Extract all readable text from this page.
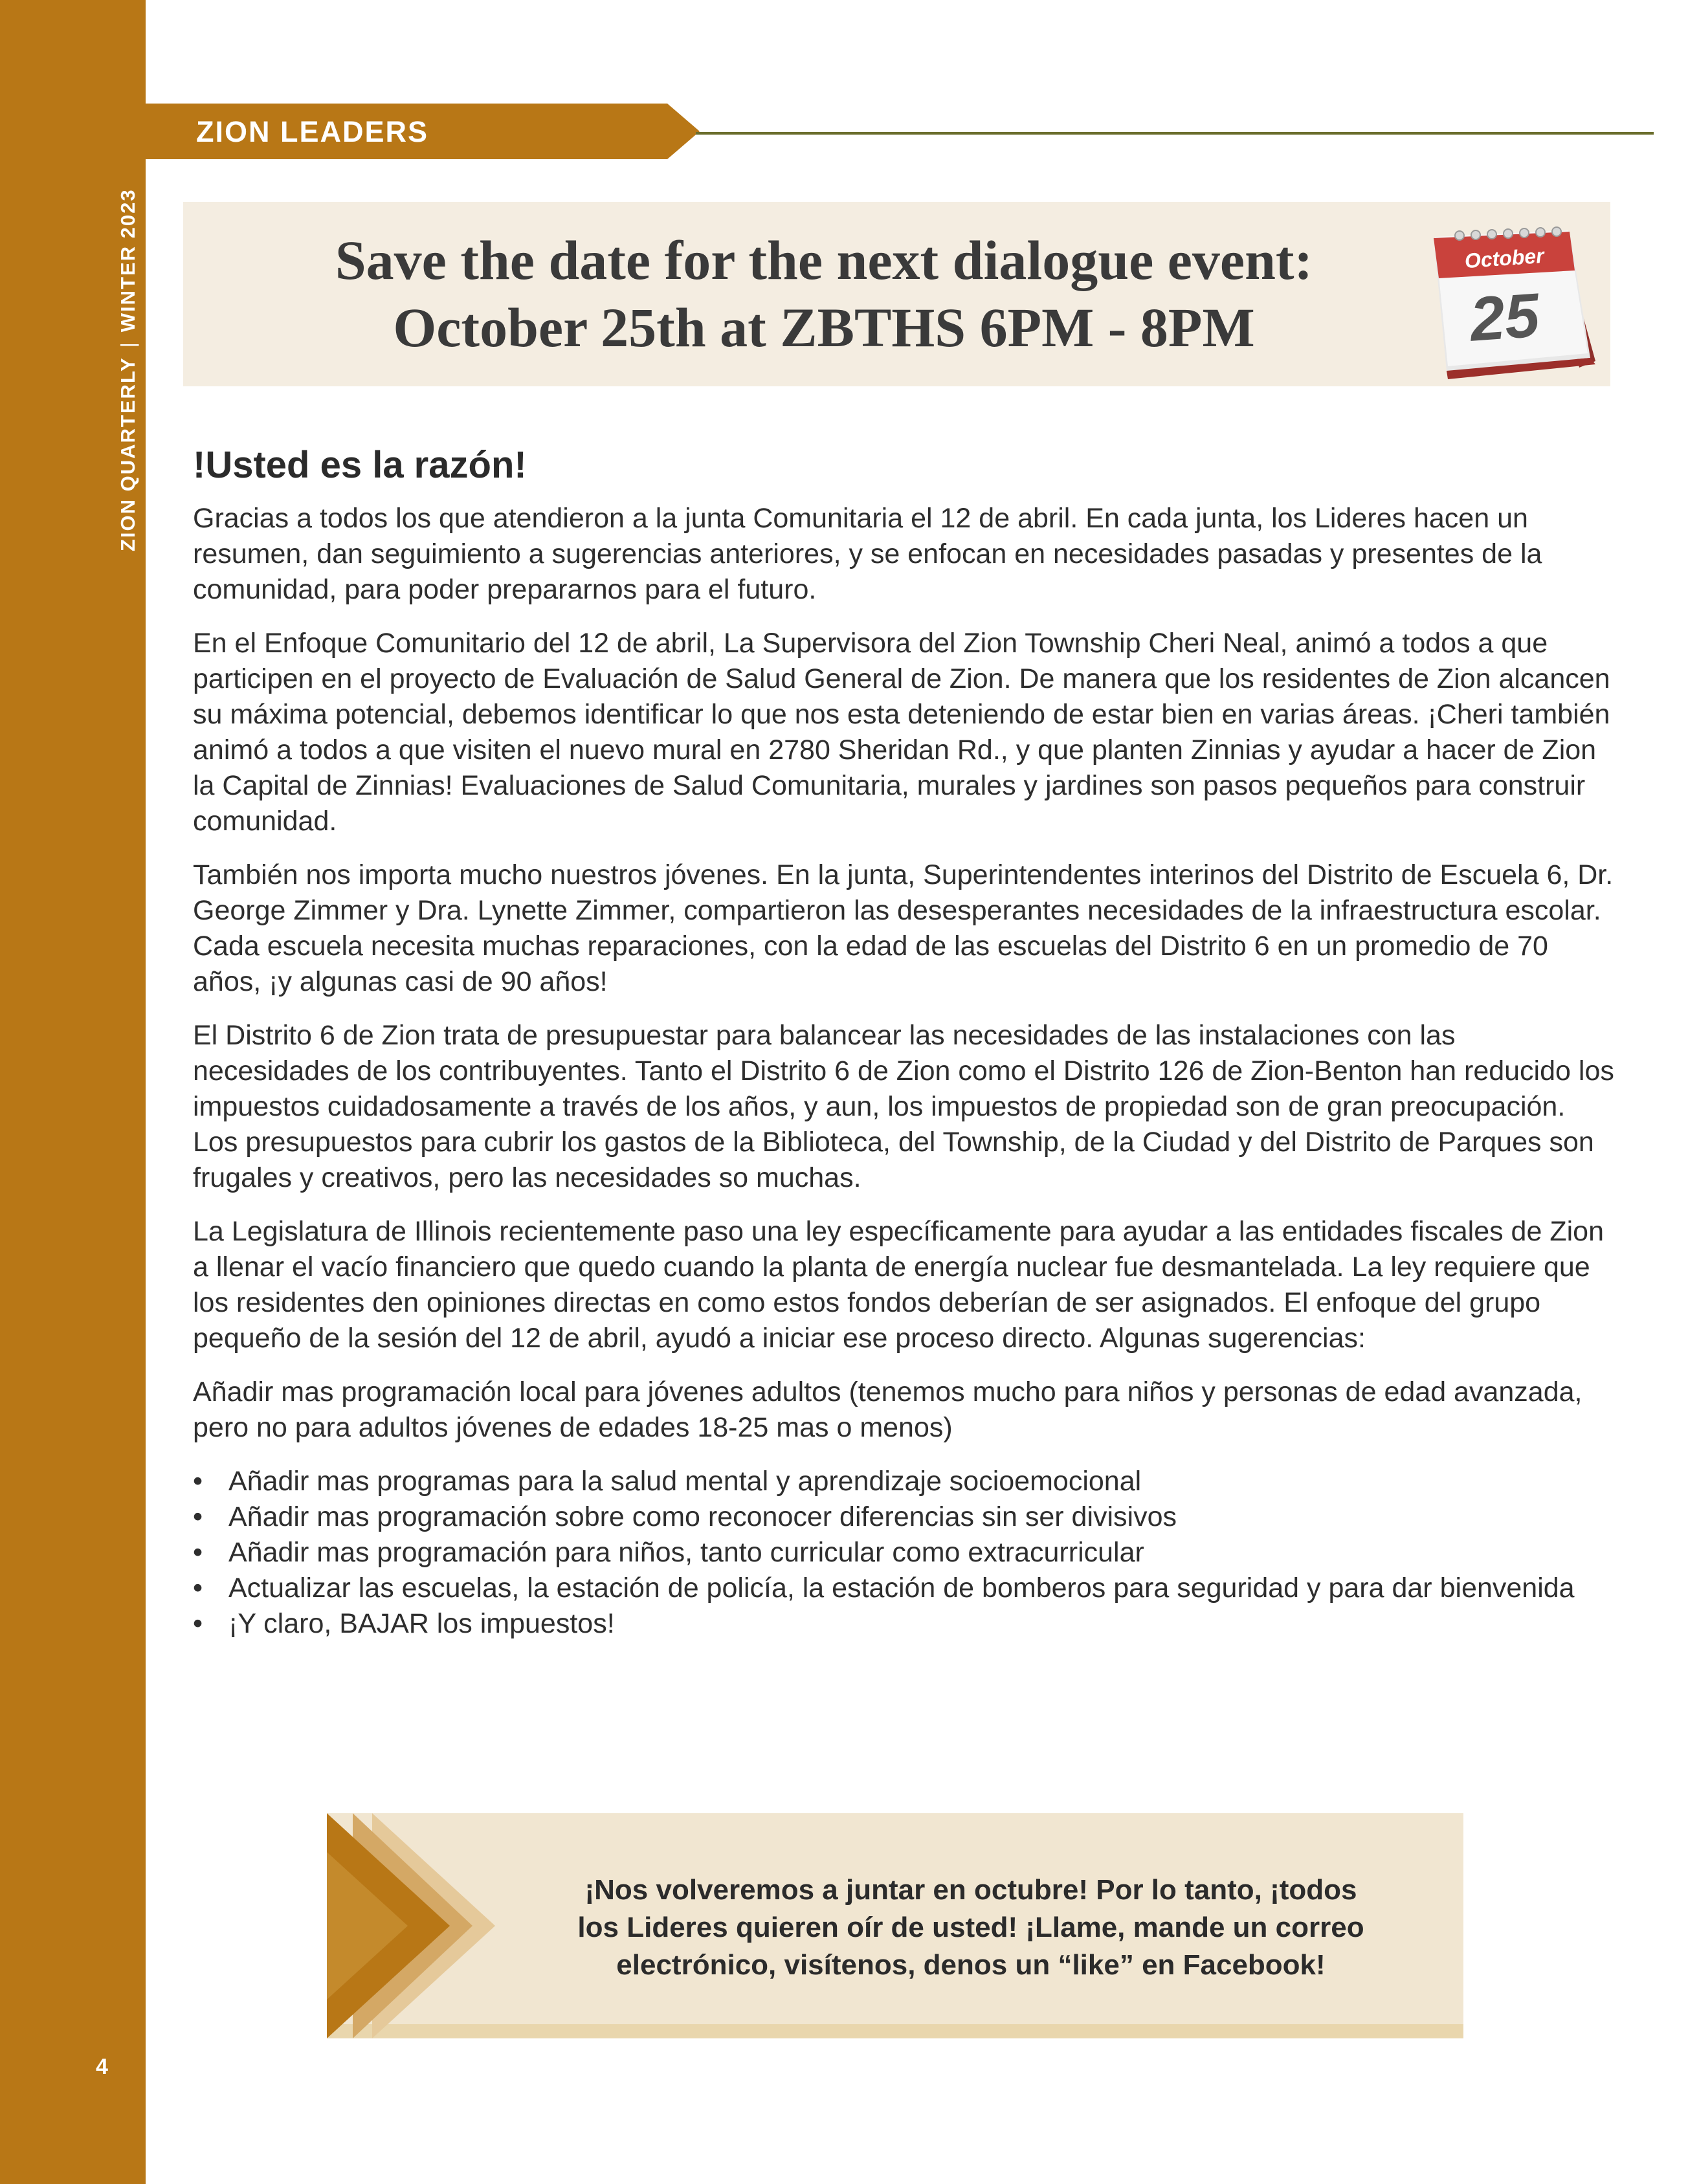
ZION QUARTERLY|WINTER 2023
4
ZION LEADERS
Save the date for the next dialogue event:
October 25th at ZBTHS 6PM - 8PM
October
25
!Usted es la razón!

Gracias a todos los que atendieron a la junta Comunitaria el 12 de abril. En cada junta, los Lideres hacen un resumen, dan seguimiento a sugerencias anteriores, y se enfocan en necesidades pasadas y presentes de la comunidad, para poder prepararnos para el futuro.

En el Enfoque Comunitario del 12 de abril, La Supervisora del Zion Township Cheri Neal, animó a todos a que participen en el proyecto de Evaluación de Salud General de Zion. De manera que los residentes de Zion alcancen su máxima potencial, debemos identificar lo que nos esta deteniendo de estar bien en varias áreas. ¡Cheri también animó a todos a que visiten el nuevo mural en 2780 Sheridan Rd., y que planten Zinnias y ayudar a hacer de Zion la Capital de Zinnias! Evaluaciones de Salud Comunitaria, murales y jardines son pasos pequeños para construir comunidad.

También nos importa mucho nuestros jóvenes. En la junta, Superintendentes interinos del Distrito de Escuela 6, Dr. George Zimmer y Dra. Lynette Zimmer, compartieron las desesperantes necesidades de la infraestructura escolar. Cada escuela necesita muchas reparaciones, con la edad de las escuelas del Distrito 6 en un promedio de 70 años, ¡y algunas casi de 90 años!

El Distrito 6 de Zion trata de presupuestar para balancear las necesidades de las instalaciones con las necesidades de los contribuyentes. Tanto el Distrito 6 de Zion como el Distrito 126 de Zion-Benton han reducido los impuestos cuidadosamente a través de los años, y aun, los impuestos de propiedad son de gran preocupación. Los presupuestos para cubrir los gastos de la Biblioteca, del Township, de la Ciudad y del Distrito de Parques son frugales y creativos, pero las necesidades so muchas.

La Legislatura de Illinois recientemente paso una ley específicamente para ayudar a las entidades fiscales de Zion a llenar el vacío financiero que quedo cuando la planta de energía nuclear fue desmantelada. La ley requiere que los residentes den opiniones directas en como estos fondos deberían de ser asignados. El enfoque del grupo pequeño de la sesión del 12 de abril, ayudó a iniciar ese proceso directo. Algunas sugerencias:

Añadir mas programación local para jóvenes adultos (tenemos mucho para niños y personas de edad avanzada, pero no para adultos jóvenes de edades 18-25 mas o menos)

• Añadir mas programas para la salud mental y aprendizaje socioemocional
• Añadir mas programación sobre como reconocer diferencias sin ser divisivos
• Añadir mas programación para niños, tanto curricular como extracurricular
• Actualizar las escuelas, la estación de policía, la estación de bomberos para seguridad y para dar bienvenida
• ¡Y claro, BAJAR los impuestos!
¡Nos volveremos a juntar en octubre! Por lo tanto, ¡todos
los Lideres quieren oír de usted! ¡Llame, mande un correo
electrónico, visítenos, denos un “like” en Facebook!
